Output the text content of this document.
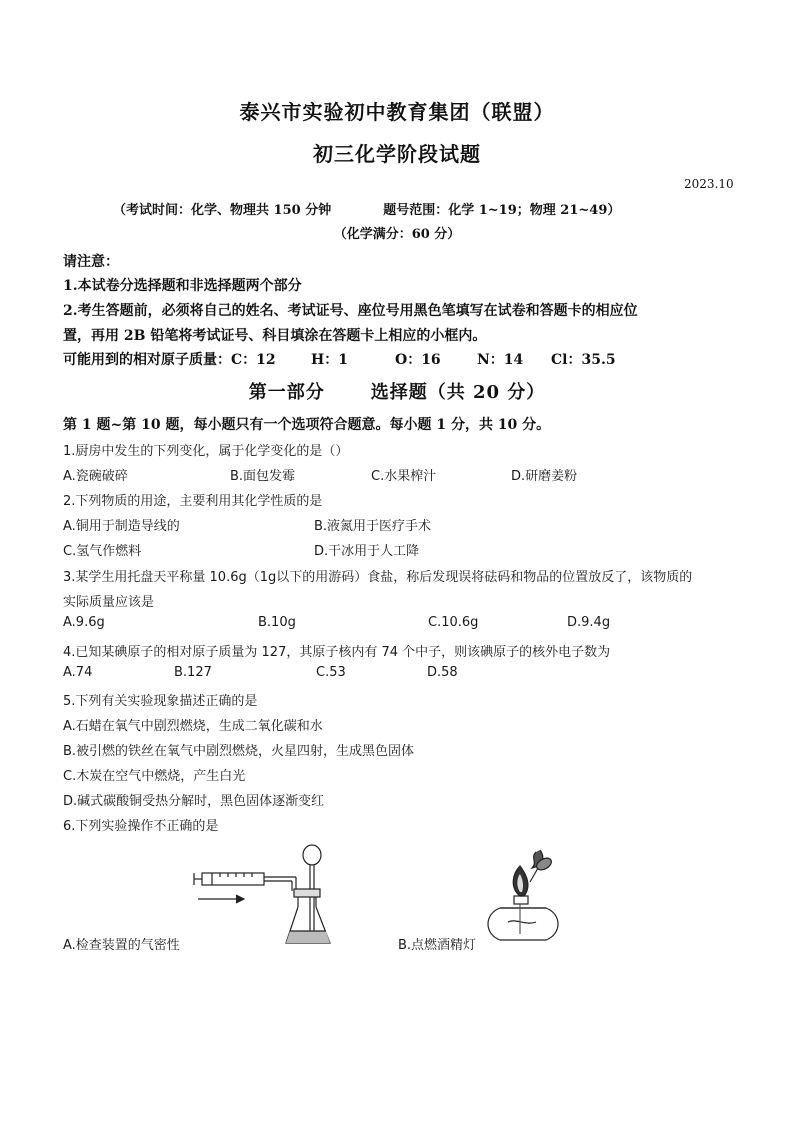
泰兴市实验初中教育集团（联盟）
初三化学阶段试题
2023.10
（考试时间：化学、物理共 150 分钟	题号范围：化学 1~19；物理 21~49）
（化学满分：60 分）
请注意：
1.本试卷分选择题和非选择题两个部分
2.考生答题前，必须将自己的姓名、考试证号、座位号用黑色笔填写在试卷和答题卡的相应位
置，再用 2B 铅笔将考试证号、科目填涂在答题卡上相应的小框内。
可能用到的相对原子质量：C：12	H：1	O：16	N：14 Cl：35.5
第一部分	选择题（共 20 分）
第 1 题~第 10 题，每小题只有一个选项符合题意。每小题 1 分，共 10 分。
1.厨房中发生的下列变化，属于化学变化的是（）
A.瓷碗破碎	B.面包发霉	C.水果榨汁	D.研磨姜粉
2.下列物质的用途，主要利用其化学性质的是
A.铜用于制造导线的	B.液氮用于医疗手术
C.氢气作燃料	D.干冰用于人工降
3.某学生用托盘天平称量 10.6g（1g以下的用游码）食盐，称后发现误将砝码和物品的位置放反了，该物质的
实际质量应该是
A.9.6g	B.10g	C.10.6g	D.9.4g
4.已知某碘原子的相对原子质量为 127，其原子核内有 74 个中子，则该碘原子的核外电子数为
A.74	B.127	C.53	D.58
5.下列有关实验现象描述正确的是
A.石蜡在氧气中剧烈燃烧，生成二氧化碳和水
B.被引燃的铁丝在氧气中剧烈燃烧，火星四射，生成黑色固体
C.木炭在空气中燃烧，产生白光
D.碱式碳酸铜受热分解时，黑色固体逐渐变红
6.下列实验操作不正确的是
A.检查装置的气密性	B.点燃酒精灯
